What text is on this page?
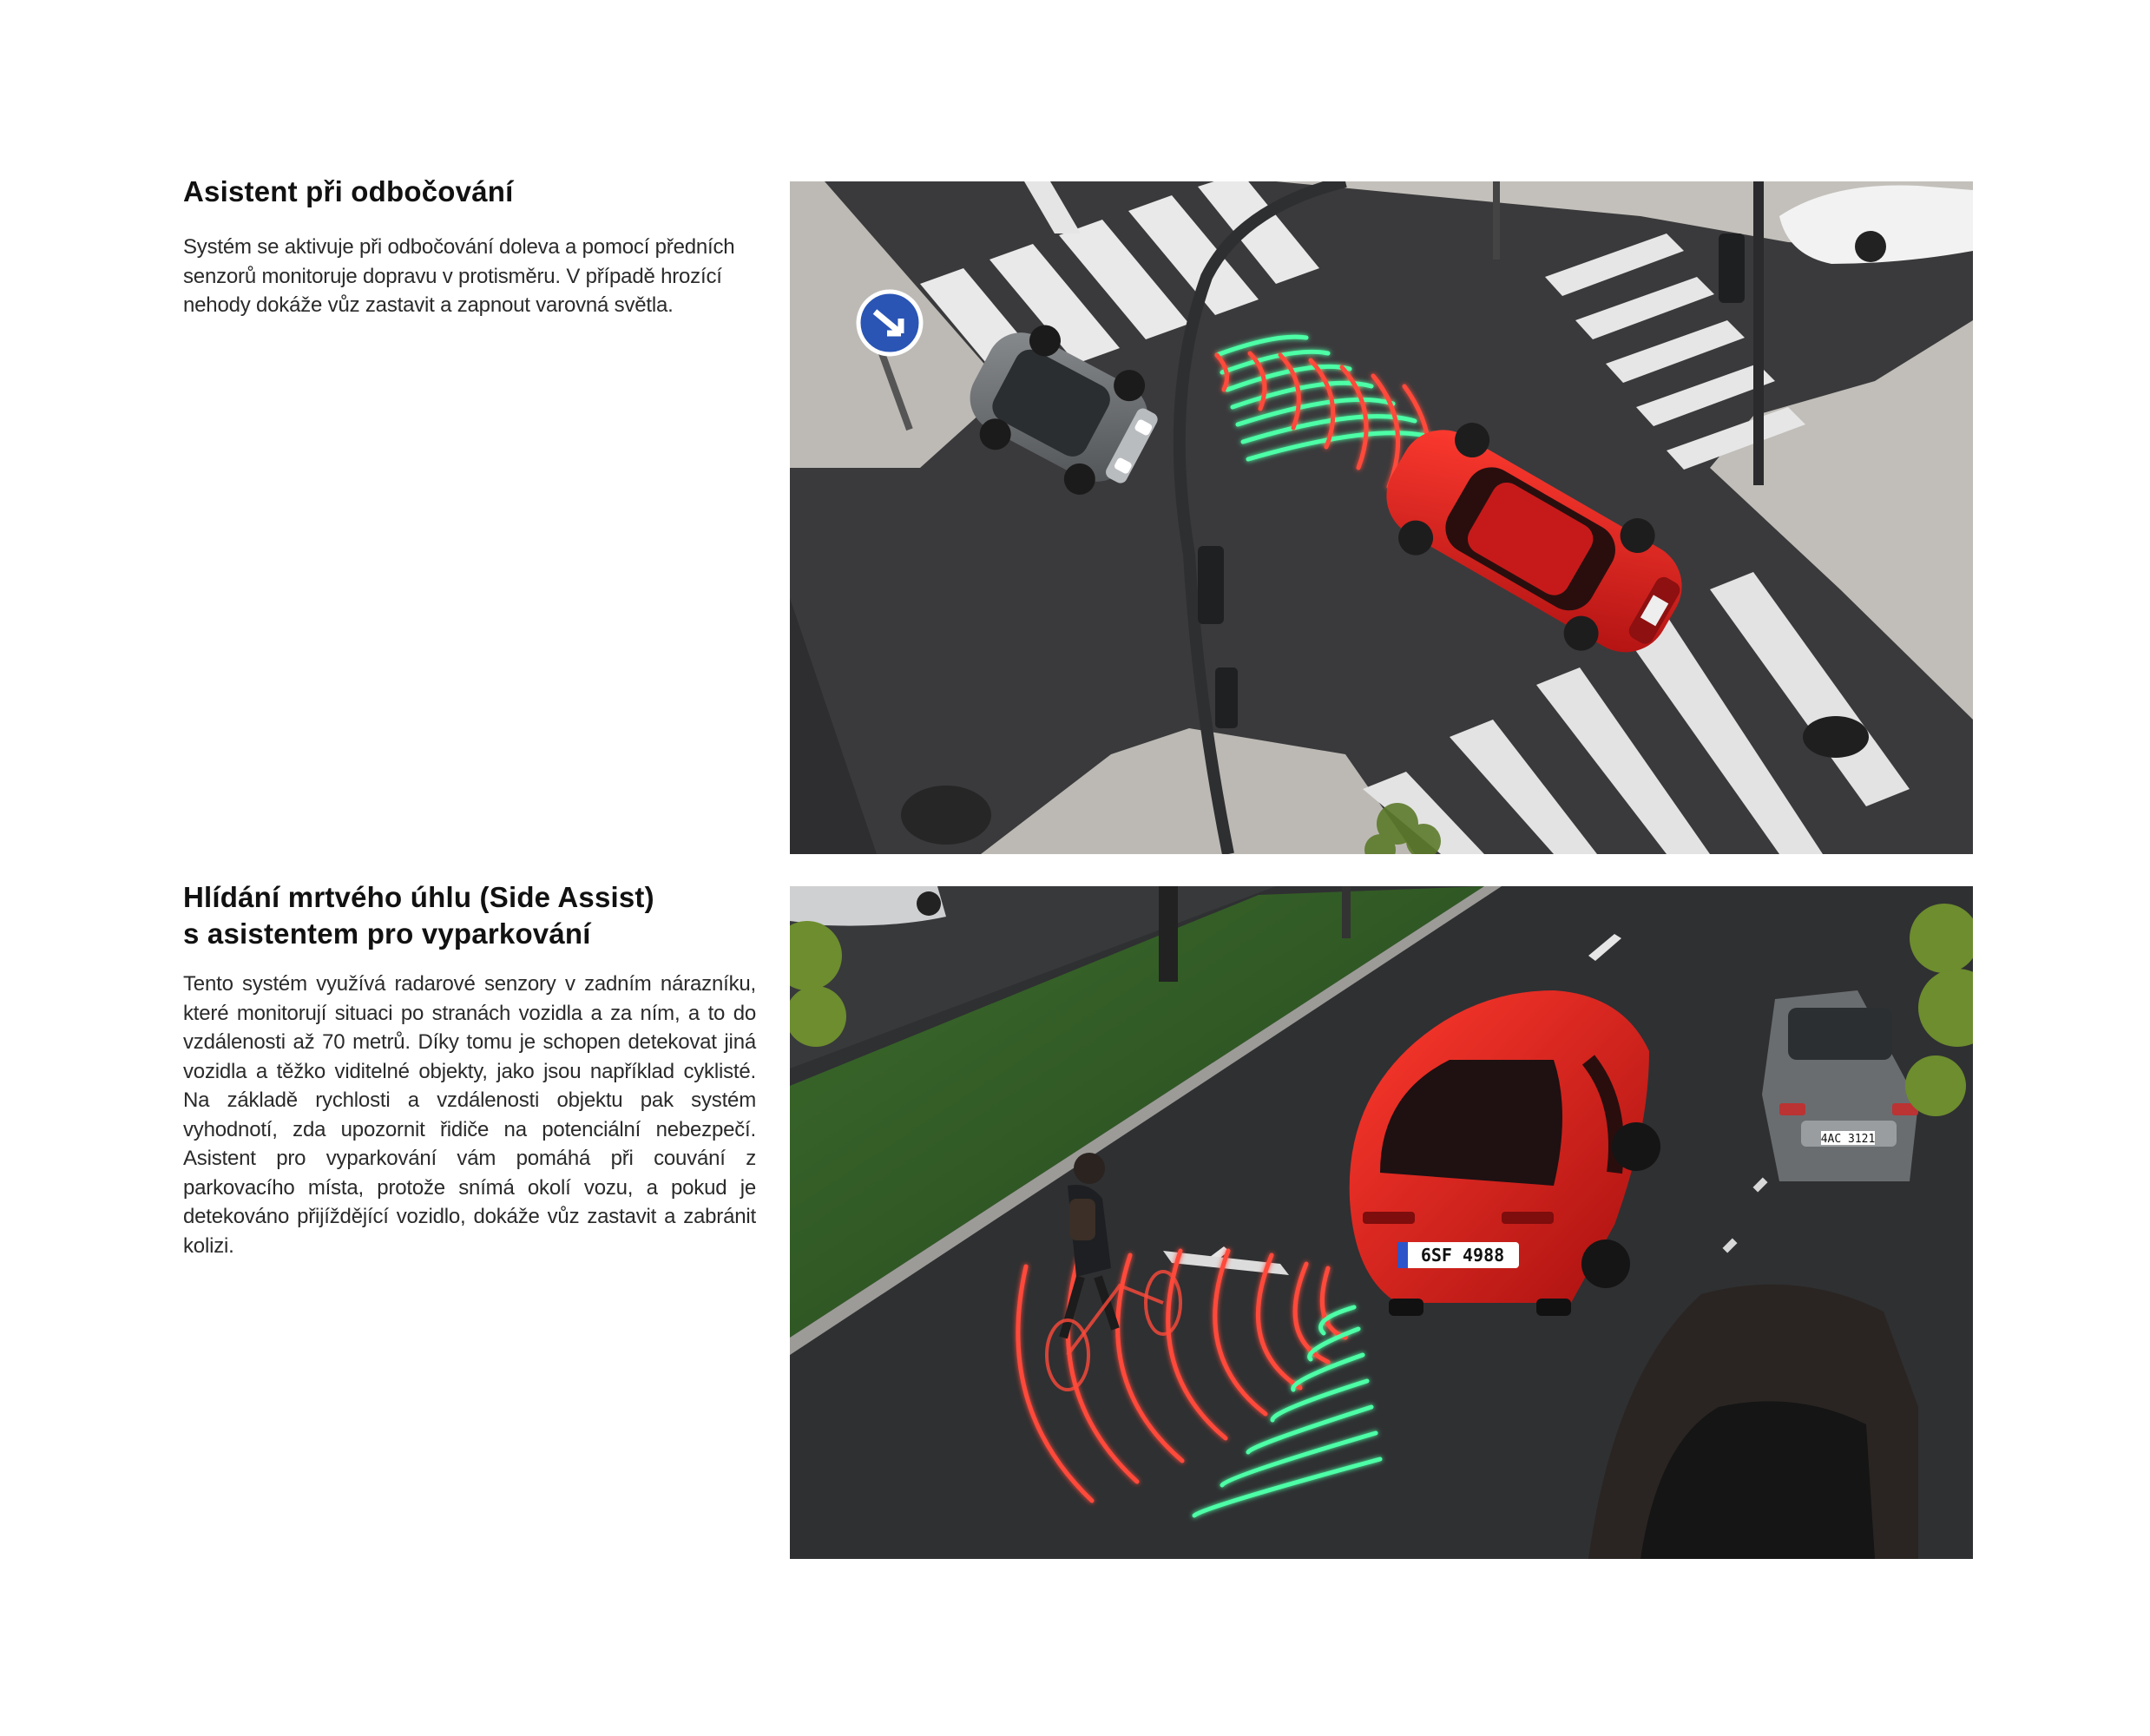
Asistent při odbočování
Systém se aktivuje při odbočování doleva a pomocí předních senzorů monitoruje dopravu v protisměru. V případě hrozící nehody dokáže vůz zastavit a zapnout varovná světla.
Hlídání mrtvého úhlu (Side Assist)
s asistentem pro vyparkování
Tento systém využívá radarové senzory v zadním nárazníku, které monitorují situaci po stranách vozidla a za ním, a to do vzdálenosti až 70 metrů. Díky tomu je schopen detekovat jiná vozidla a těžko viditelné objekty, jako jsou například cyklisté. Na základě rychlosti a vzdálenosti objektu pak systém vyhodnotí, zda upozornit řidiče na potenciální nebezpečí. Asistent pro vyparkování vám pomáhá při couvání z parkovacího místa, protože snímá okolí vozu, a pokud je detekováno přijíždějící vozidlo, dokáže vůz zastavit a zabránit kolizi.
4AC 3121
6SF 4988
